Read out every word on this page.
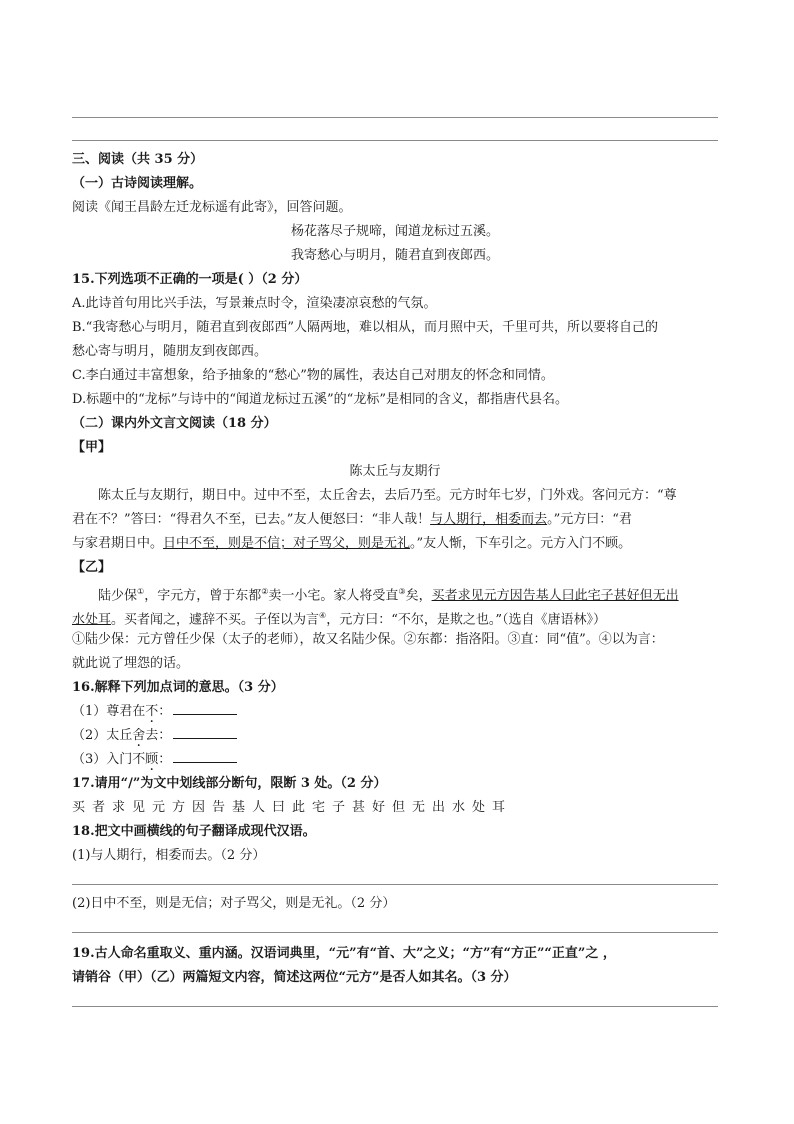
三、阅读（共 35 分）
（一）古诗阅读理解。
阅读《闻王昌龄左迁龙标遥有此寄》，回答问题。
杨花落尽子规啼，闻道龙标过五溪。
我寄愁心与明月，随君直到夜郎西。
15.下列选项不正确的一项是( ）（2 分）
A.此诗首句用比兴手法，写景兼点时令，渲染凄凉哀愁的气氛。
B.“我寄愁心与明月，随君直到夜郎西”人隔两地，难以相从，而月照中天，千里可共，所以要将自己的
愁心寄与明月，随朋友到夜郎西。
C.李白通过丰富想象，给予抽象的“愁心”物的属性，表达自己对朋友的怀念和同情。
D.标题中的“龙标”与诗中的“闻道龙标过五溪”的“龙标”是相同的含义，都指唐代县名。
（二）课内外文言文阅读（18 分）
【甲】
陈太丘与友期行
陈太丘与友期行，期日中。过中不至，太丘舍去，去后乃至。元方时年七岁，门外戏。客问元方：“尊
君在不？”答曰：“得君久不至，已去。”友人便怒曰：“非人哉！与人期行，相委而去。”元方曰：“君
与家君期日中。日中不至，则是不信；对子骂父，则是无礼。”友人惭，下车引之。元方入门不顾。
【乙】
陆少保①，字元方，曾于东都②卖一小宅。家人将受直③矣，买者求见元方因告基人曰此宅子甚好但无出
水处耳。买者闻之，遽辞不买。子侄以为言④，元方曰：“不尔，是欺之也。”（选自《唐语林》）
①陆少保：元方曾任少保（太子的老师），故又名陆少保。②东都：指洛阳。③直：同“值”。④以为言：
就此说了埋怨的话。
16.解释下列加点词的意思。（3 分）
（1）尊君在不：
（2）太丘舍去：
（3）入门不顾：
17.请用“/”为文中划线部分断句，限断 3 处。（2 分）
买者求见元方因告基人曰此宅子甚好但无出水处耳
18.把文中画横线的句子翻译成现代汉语。
(1)与人期行，相委而去。（2 分）
(2)日中不至，则是无信；对子骂父，则是无礼。（2 分）
19.古人命名重取义、重内涵。汉语词典里，“元”有“首、大”之义；“方”有“方正”“正直”之 ，
请销谷（甲）（乙）两篇短文内容，简述这两位“元方”是否人如其名。（3 分）
